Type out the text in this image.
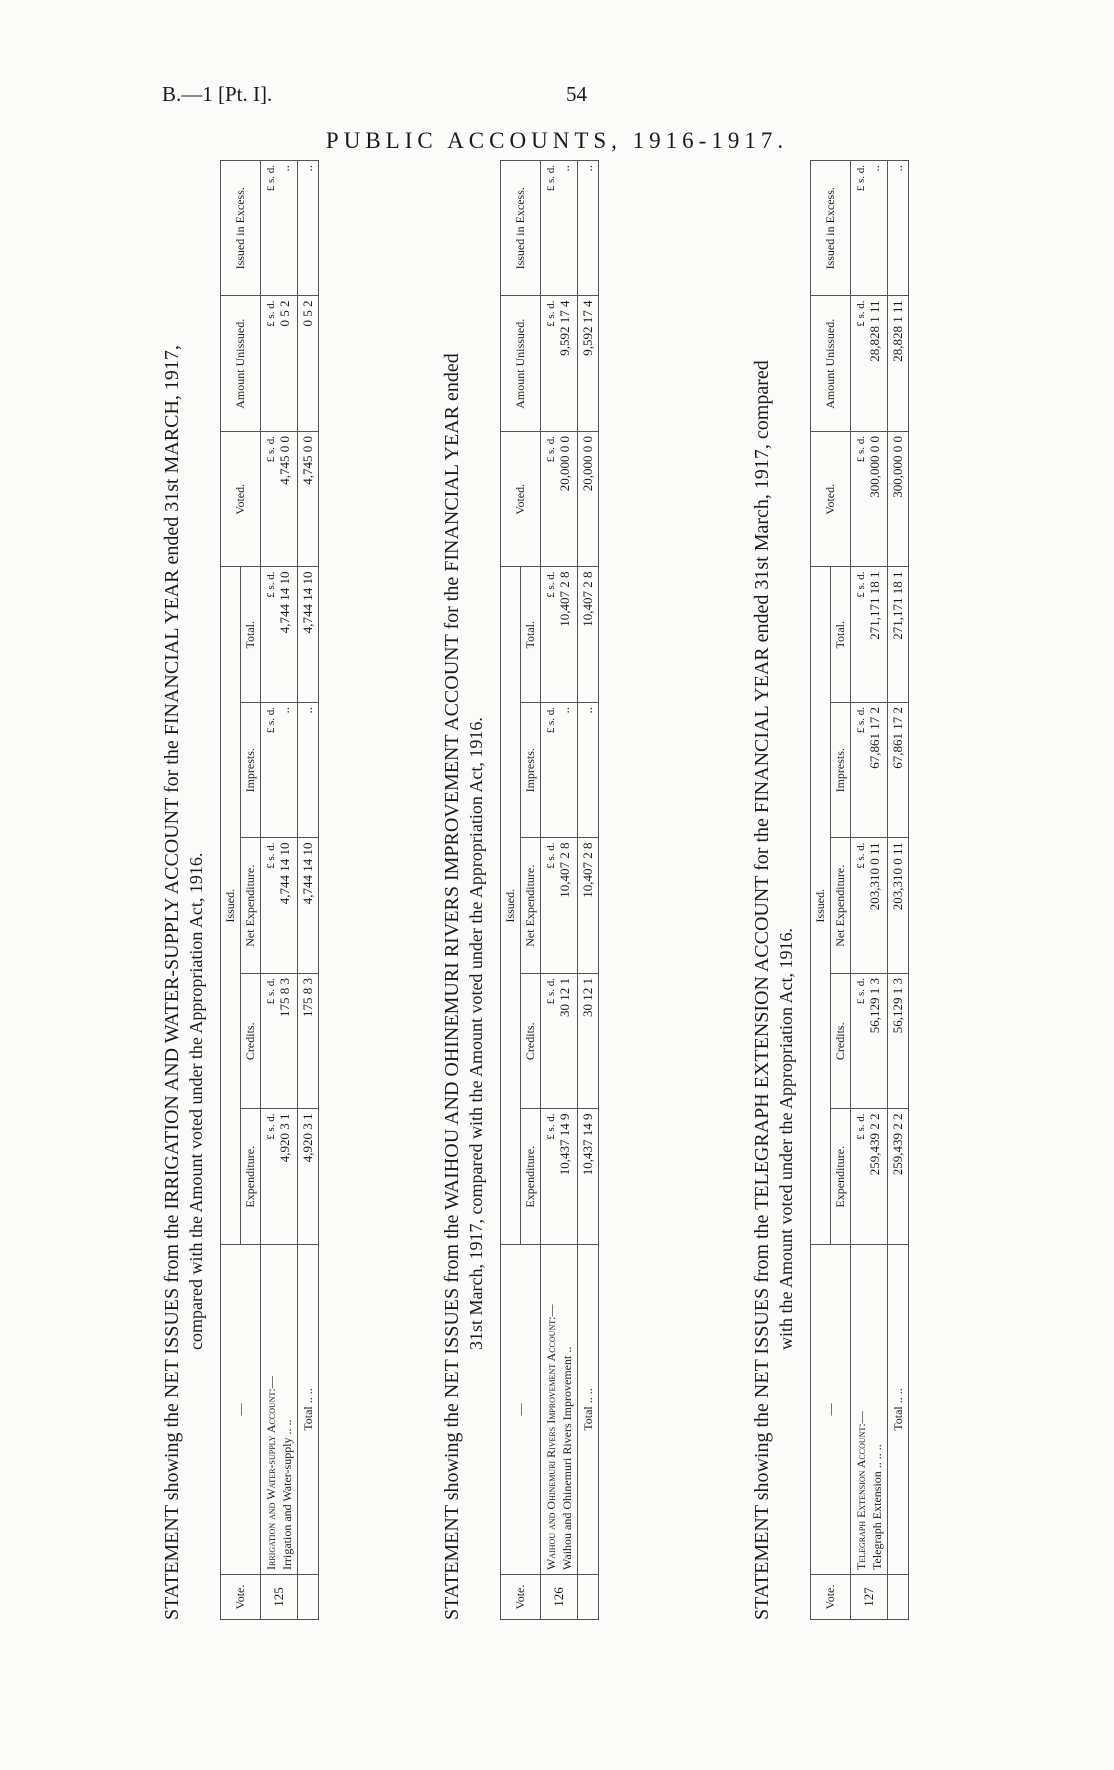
B.—1 [Pt. I].	54
PUBLIC ACCOUNTS, 1916-1917.
STATEMENT showing the NET ISSUES from the IRRIGATION AND WATER-SUPPLY ACCOUNT for the FINANCIAL YEAR ended 31st MARCH, 1917, compared with the Amount voted under the Appropriation Act, 1916.
Vote.	—	Issued.					Voted.	Amount Unissued.	Issued in Excess.
		Expenditure.	Credits.	Net Expenditure.	Imprests.	Total.			
125	Irrigation and Water-supply Account:— Irrigation and Water-supply .. ..	£ s. d. 4,920 3 1	£ s. d. 175 8 3	£ s. d. 4,744 14 10	£ s. d. ..	£ s. d. 4,744 14 10	£ s. d. 4,745 0 0	£ s. d. 0 5 2	£ s. d. ..

	Total .. ..	4,920 3 1	175 8 3	4,744 14 10	..	4,744 14 10	4,745 0 0	0 5 2	..
STATEMENT showing the NET ISSUES from the WAIHOU AND OHINEMURI RIVERS IMPROVEMENT ACCOUNT for the FINANCIAL YEAR ended 31st March, 1917, compared with the Amount voted under the Appropriation Act, 1916.
Vote.	—	Issued.					Voted.	Amount Unissued.	Issued in Excess.
		Expenditure.	Credits.	Net Expenditure.	Imprests.	Total.			
126	Waihou and Ohinemuri Rivers Improvement Account:— Waihou and Ohinemuri Rivers Improvement ..	£ s. d. 10,437 14 9	£ s. d. 30 12 1	£ s. d. 10,407 2 8	£ s. d. ..	£ s. d. 10,407 2 8	£ s. d. 20,000 0 0	£ s. d. 9,592 17 4	£ s. d. ..

	Total .. ..	10,437 14 9	30 12 1	10,407 2 8	..	10,407 2 8	20,000 0 0	9,592 17 4	..
STATEMENT showing the NET ISSUES from the TELEGRAPH EXTENSION ACCOUNT for the FINANCIAL YEAR ended 31st March, 1917, compared with the Amount voted under the Appropriation Act, 1916.
Vote.	—	Issued.					Voted.	Amount Unissued.	Issued in Excess.
		Expenditure.	Credits.	Net Expenditure.	Imprests.	Total.			
127	Telegraph Extension Account:— Telegraph Extension .. .. ..	£ s. d. 259,439 2 2	£ s. d. 56,129 1 3	£ s. d. 203,310 0 11	£ s. d. 67,861 17 2	£ s. d. 271,171 18 1	£ s. d. 300,000 0 0	£ s. d. 28,828 1 11	£ s. d. ..

	Total .. ..	259,439 2 2	56,129 1 3	203,310 0 11	67,861 17 2	271,171 18 1	300,000 0 0	28,828 1 11	..
